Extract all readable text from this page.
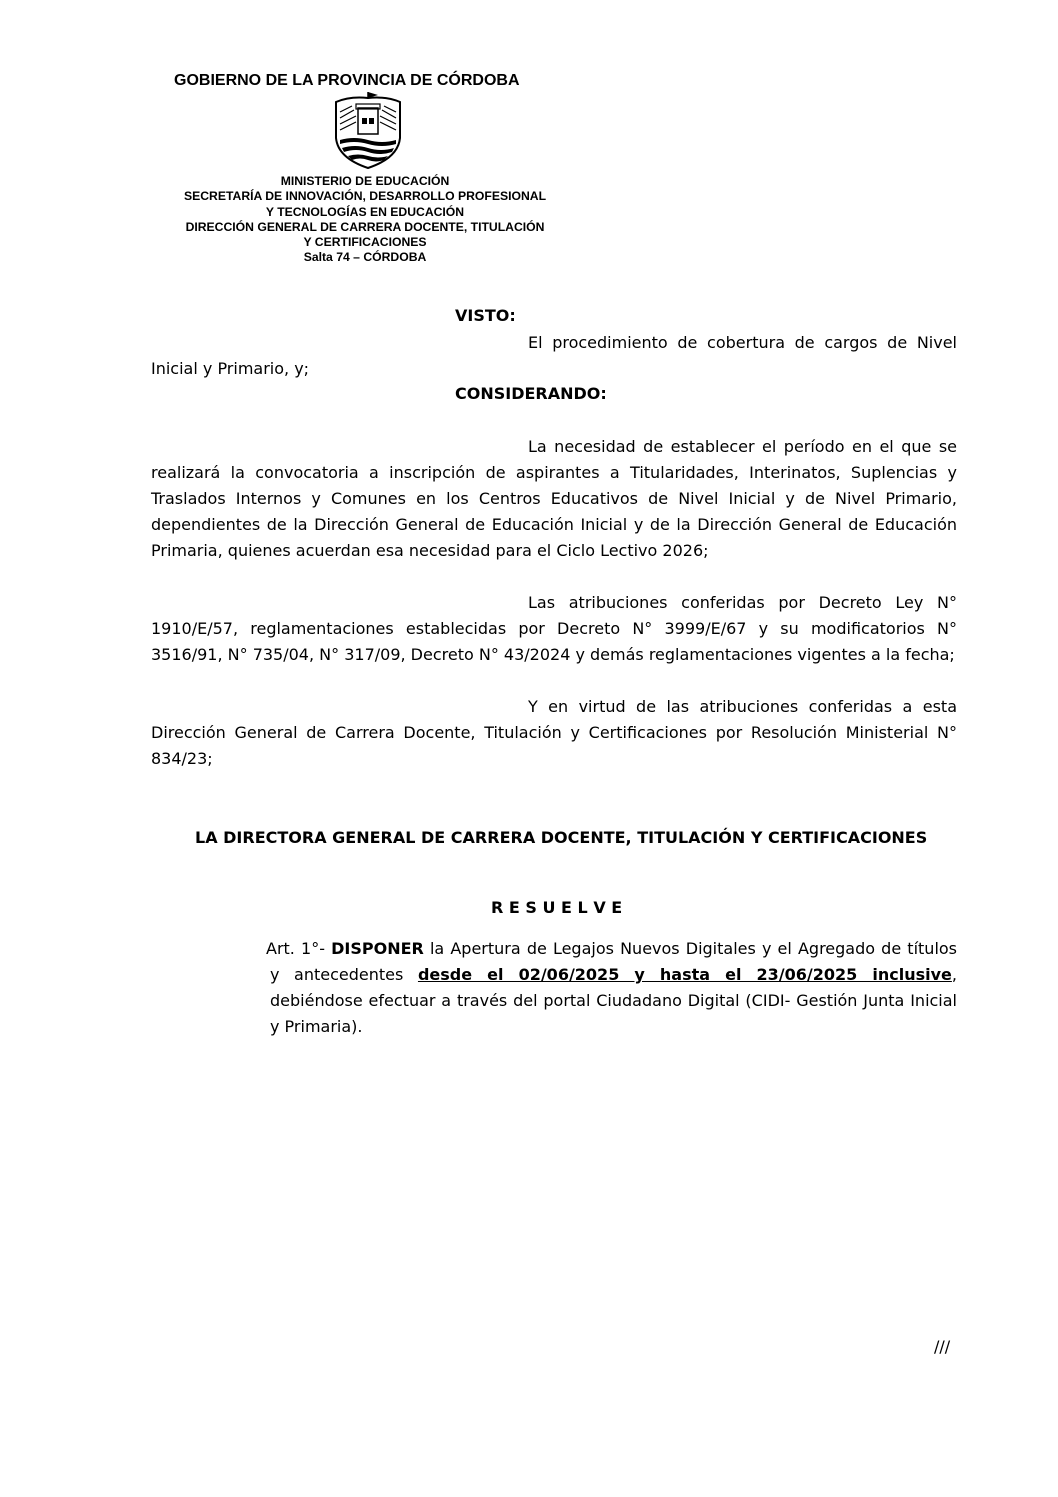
GOBIERNO DE LA PROVINCIA DE CÓRDOBA
MINISTERIO DE EDUCACIÓN
SECRETARÍA DE INNOVACIÓN, DESARROLLO PROFESIONAL
Y TECNOLOGÍAS EN EDUCACIÓN
DIRECCIÓN GENERAL DE CARRERA DOCENTE, TITULACIÓN
Y CERTIFICACIONES
Salta 74 – CÓRDOBA
VISTO:
El procedimiento de cobertura de cargos de Nivel Inicial y Primario, y;
CONSIDERANDO:
La necesidad de establecer el período en el que se realizará la convocatoria a inscripción de aspirantes a Titularidades, Interinatos, Suplencias y Traslados Internos y Comunes en los Centros Educativos de Nivel Inicial y de Nivel Primario, dependientes de la Dirección General de Educación Inicial y de la Dirección General de Educación Primaria, quienes acuerdan esa necesidad para el Ciclo Lectivo 2026;
Las atribuciones conferidas por Decreto Ley N° 1910/E/57, reglamentaciones establecidas por Decreto N° 3999/E/67 y su modificatorios N° 3516/91, N° 735/04, N° 317/09, Decreto N° 43/2024 y demás reglamentaciones vigentes a la fecha;
Y en virtud de las atribuciones conferidas a esta Dirección General de Carrera Docente, Titulación y Certificaciones por Resolución Ministerial N° 834/23;
LA DIRECTORA GENERAL DE CARRERA DOCENTE, TITULACIÓN Y CERTIFICACIONES
R E S U E L V E
Art. 1°- DISPONER la Apertura de Legajos Nuevos Digitales y el Agregado de títulos y antecedentes desde el 02/06/2025 y hasta el 23/06/2025 inclusive, debiéndose efectuar a través del portal Ciudadano Digital (CIDI- Gestión Junta Inicial y Primaria).
///
